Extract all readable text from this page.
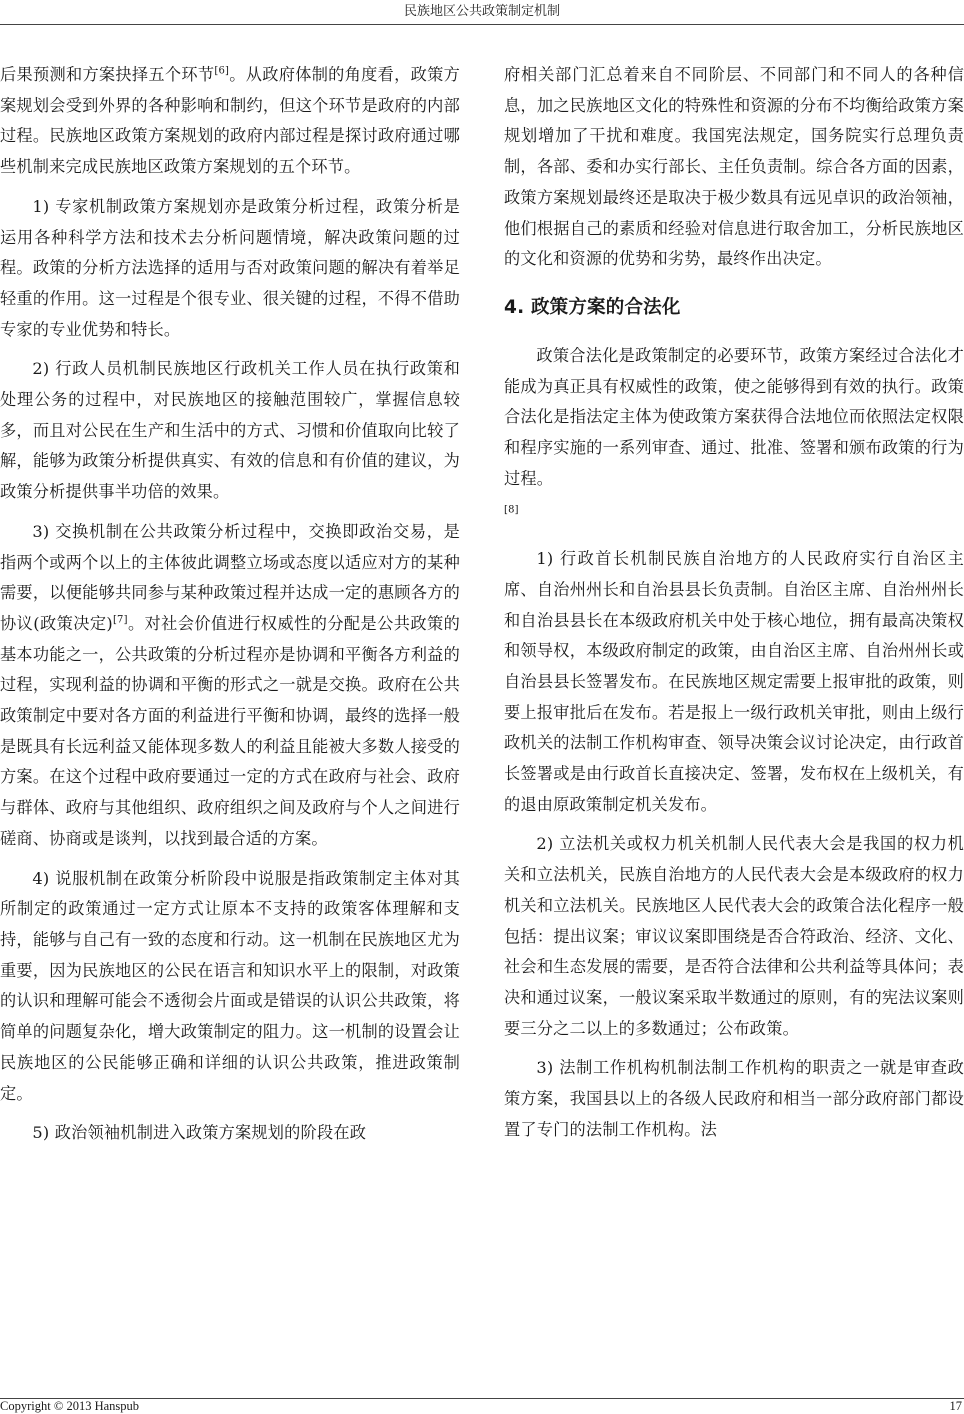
民族地区公共政策制定机制

后果预测和方案抉择五个环节[6]。从政府体制的角度看，政策方案规划会受到外界的各种影响和制约，但这个环节是政府的内部过程。民族地区政策方案规划的政府内部过程是探讨政府通过哪些机制来完成民族地区政策方案规划的五个环节。

1) 专家机制政策方案规划亦是政策分析过程，政策分析是运用各种科学方法和技术去分析问题情境，解决政策问题的过程。政策的分析方法选择的适用与否对政策问题的解决有着举足轻重的作用。这一过程是个很专业、很关键的过程，不得不借助专家的专业优势和特长。

2) 行政人员机制民族地区行政机关工作人员在执行政策和处理公务的过程中，对民族地区的接触范围较广，掌握信息较多，而且对公民在生产和生活中的方式、习惯和价值取向比较了解，能够为政策分析提供真实、有效的信息和有价值的建议，为政策分析提供事半功倍的效果。

3) 交换机制在公共政策分析过程中，交换即政治交易，是指两个或两个以上的主体彼此调整立场或态度以适应对方的某种需要，以便能够共同参与某种政策过程并达成一定的惠顾各方的协议(政策决定)[7]。对社会价值进行权威性的分配是公共政策的基本功能之一，公共政策的分析过程亦是协调和平衡各方利益的过程，实现利益的协调和平衡的形式之一就是交换。政府在公共政策制定中要对各方面的利益进行平衡和协调，最终的选择一般是既具有长远利益又能体现多数人的利益且能被大多数人接受的方案。在这个过程中政府要通过一定的方式在政府与社会、政府与群体、政府与其他组织、政府组织之间及政府与个人之间进行磋商、协商或是谈判，以找到最合适的方案。

4) 说服机制在政策分析阶段中说服是指政策制定主体对其所制定的政策通过一定方式让原本不支持的政策客体理解和支持，能够与自己有一致的态度和行动。这一机制在民族地区尤为重要，因为民族地区的公民在语言和知识水平上的限制，对政策的认识和理解可能会不透彻会片面或是错误的认识公共政策，将简单的问题复杂化，增大政策制定的阻力。这一机制的设置会让民族地区的公民能够正确和详细的认识公共政策，推进政策制定。

5) 政治领袖机制进入政策方案规划的阶段在政

府相关部门汇总着来自不同阶层、不同部门和不同人的各种信息，加之民族地区文化的特殊性和资源的分布不均衡给政策方案规划增加了干扰和难度。我国宪法规定，国务院实行总理负责制，各部、委和办实行部长、主任负责制。综合各方面的因素，政策方案规划最终还是取决于极少数具有远见卓识的政治领袖，他们根据自己的素质和经验对信息进行取舍加工，分析民族地区的文化和资源的优势和劣势，最终作出决定。

4. 政策方案的合法化

政策合法化是政策制定的必要环节，政策方案经过合法化才能成为真正具有权威性的政策，使之能够得到有效的执行。政策合法化是指法定主体为使政策方案获得合法地位而依照法定权限和程序实施的一系列审查、通过、批准、签署和颁布政策的行为过程。

[8]

1) 行政首长机制民族自治地方的人民政府实行自治区主席、自治州州长和自治县县长负责制。自治区主席、自治州州长和自治县县长在本级政府机关中处于核心地位，拥有最高决策权和领导权，本级政府制定的政策，由自治区主席、自治州州长或自治县县长签署发布。在民族地区规定需要上报审批的政策，则要上报审批后在发布。若是报上一级行政机关审批，则由上级行政机关的法制工作机构审查、领导决策会议讨论决定，由行政首长签署或是由行政首长直接决定、签署，发布权在上级机关，有的退由原政策制定机关发布。

2) 立法机关或权力机关机制人民代表大会是我国的权力机关和立法机关，民族自治地方的人民代表大会是本级政府的权力机关和立法机关。民族地区人民代表大会的政策合法化程序一般包括：提出议案；审议议案即围绕是否合符政治、经济、文化、社会和生态发展的需要，是否符合法律和公共利益等具体问；表决和通过议案，一般议案采取半数通过的原则，有的宪法议案则要三分之二以上的多数通过；公布政策。

3) 法制工作机构机制法制工作机构的职责之一就是审查政策方案，我国县以上的各级人民政府和相当一部分政府部门都设置了专门的法制工作机构。法

Copyright © 2013 Hanspub	17
